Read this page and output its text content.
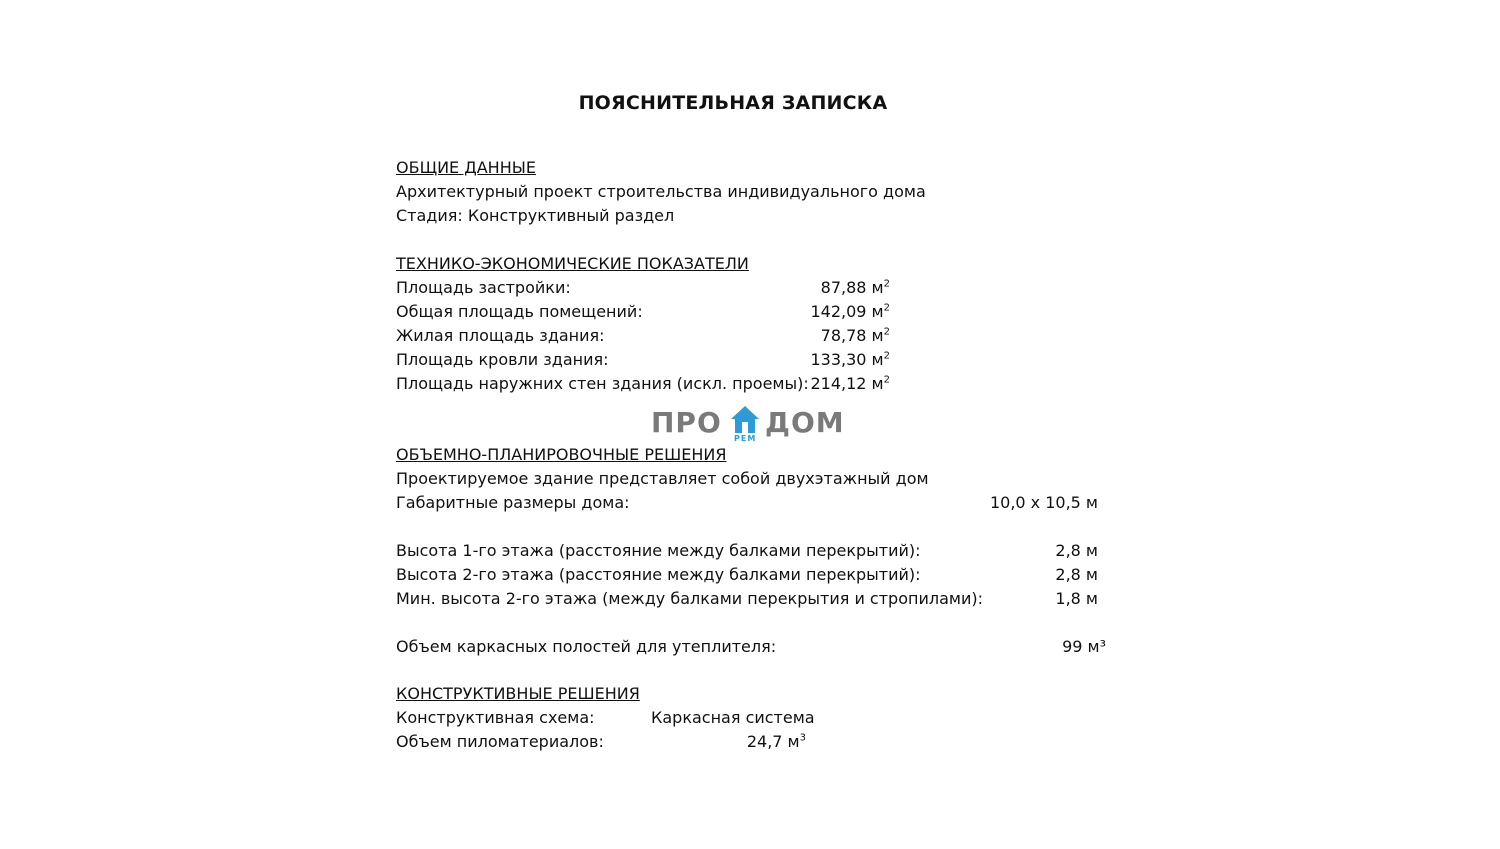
ПОЯСНИТЕЛЬНАЯ ЗАПИСКА
ОБЩИЕ ДАННЫЕ
Архитектурный проект строительства индивидуального дома
Стадия: Конструктивный раздел
ТЕХНИКО-ЭКОНОМИЧЕСКИЕ ПОКАЗАТЕЛИ
Площадь застройки:	87,88 $м^2$
Общая площадь помещений:	142,09 $м^2$
Жилая площадь здания:	78,78 $м^2$
Площадь кровли здания:	133,30 $м^2$
Площадь наружних стен здания (искл. проемы): 214,12 $м^2$
ОБЪЕМНО-ПЛАНИРОВОЧНЫЕ РЕШЕНИЯ
Проектируемое здание представляет собой двухэтажный дом
Габаритные размеры дома:	10,0 х 10,5 м
Высота 1-го этажа (расстояние между балками перекрытий):	2,8 м
Высота 2-го этажа (расстояние между балками перекрытий):	2,8 м
Мин. высота 2-го этажа (между балками перекрытия и стропилами):	1,8 м
Объем каркасных полостей для утеплителя:	99 м³
КОНСТРУКТИВНЫЕ РЕШЕНИЯ
Конструктивная схема:	Каркасная система
Объем пиломатериалов:	24,7 $м^3$
ПРО РЕМ ДОМ
